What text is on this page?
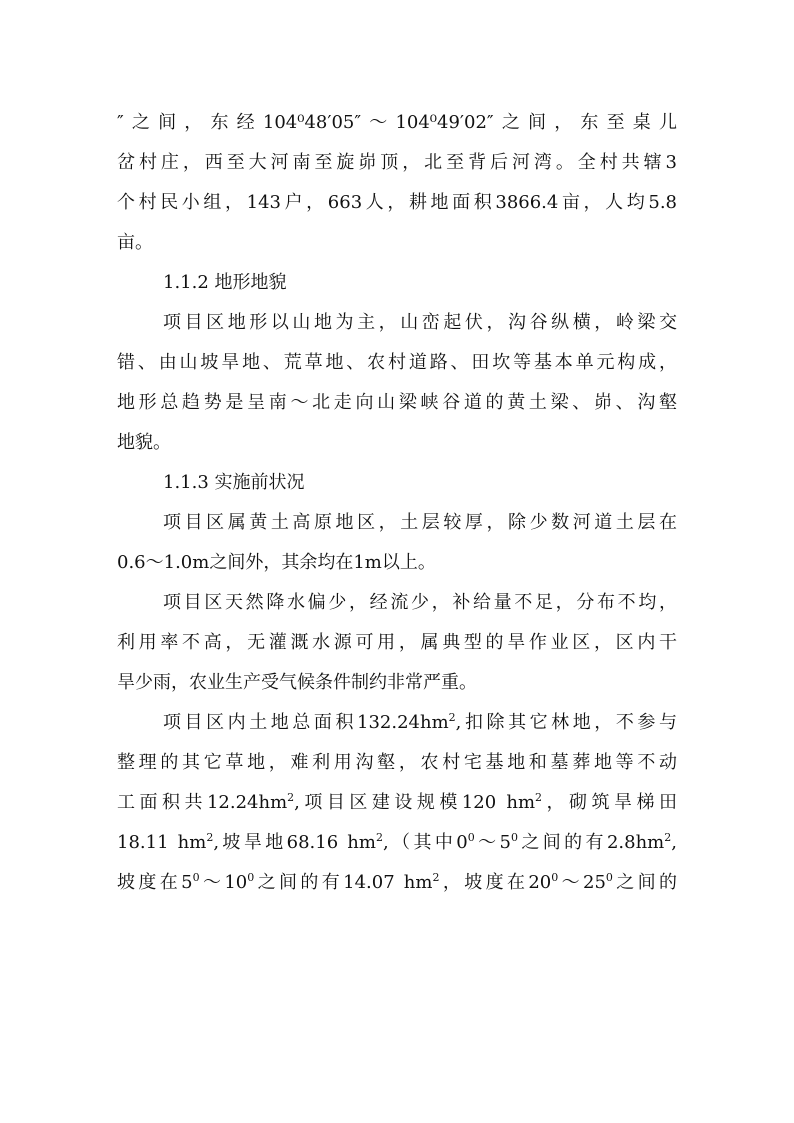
″之间，东经104⁰48′05″～104⁰49′02″之间，东至桌儿
岔村庄，西至大河南至旋峁顶，北至背后河湾。全村共辖3
个村民小组，143户，663人，耕地面积3866.4亩，人均5.8
亩。
1.1.2 地形地貌
项目区地形以山地为主，山峦起伏，沟谷纵横，岭梁交
错、由山坡旱地、荒草地、农村道路、田坎等基本单元构成，
地形总趋势是呈南～北走向山梁峡谷道的黄土梁、峁、沟壑
地貌。
1.1.3 实施前状况
项目区属黄土高原地区，土层较厚，除少数河道土层在
0.6～1.0m之间外，其余均在1m以上。
项目区天然降水偏少，经流少，补给量不足，分布不均，
利用率不高，无灌溉水源可用，属典型的旱作业区，区内干
旱少雨，农业生产受气候条件制约非常严重。
项目区内土地总面积$132.24hm^2$,扣除其它林地，不参与
整理的其它草地，难利用沟壑，农村宅基地和墓葬地等不动
工面积共$12.24hm^2$,项目区建设规模120 $hm^2$，砌筑旱梯田
18.11 $hm^2$,坡旱地68.16 $hm^2$,（其中$0^0\sim 5^0$之间的有$2.8hm^2$,
坡度在$5^0\sim 10^0$之间的有14.07 $hm^2$，坡度在$20^0\sim 25^0$之间的
